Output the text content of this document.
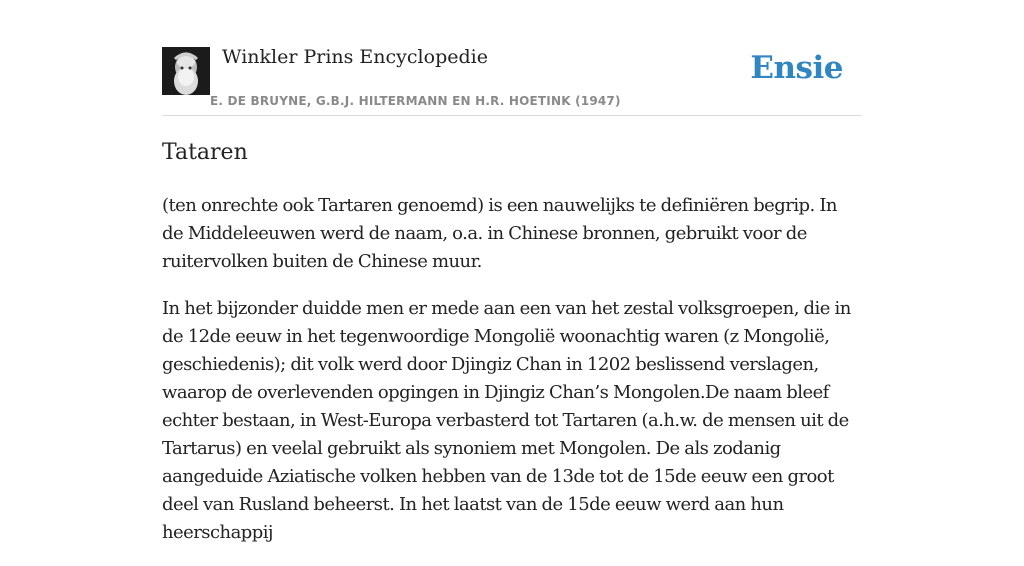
Winkler Prins Encyclopedie
E. DE BRUYNE, G.B.J. HILTERMANN EN H.R. HOETINK (1947)
Ensie
Tataren

(ten onrechte ook Tartaren genoemd) is een nauwelijks te definiëren begrip. In de Middeleeuwen werd de naam, o.a. in Chinese bronnen, gebruikt voor de ruitervolken buiten de Chinese muur.

In het bijzonder duidde men er mede aan een van het zestal volksgroepen, die in de 12de eeuw in het tegenwoordige Mongolië woonachtig waren (z Mongolië, geschiedenis); dit volk werd door Djingiz Chan in 1202 beslissend verslagen, waarop de overlevenden opgingen in Djingiz Chan’s Mongolen.De naam bleef echter bestaan, in West-Europa verbasterd tot Tartaren (a.h.w. de mensen uit de Tartarus) en veelal gebruikt als synoniem met Mongolen. De als zodanig aangeduide Aziatische volken hebben van de 13de tot de 15de eeuw een groot deel van Rusland beheerst. In het laatst van de 15de eeuw werd aan hun heerschappij
